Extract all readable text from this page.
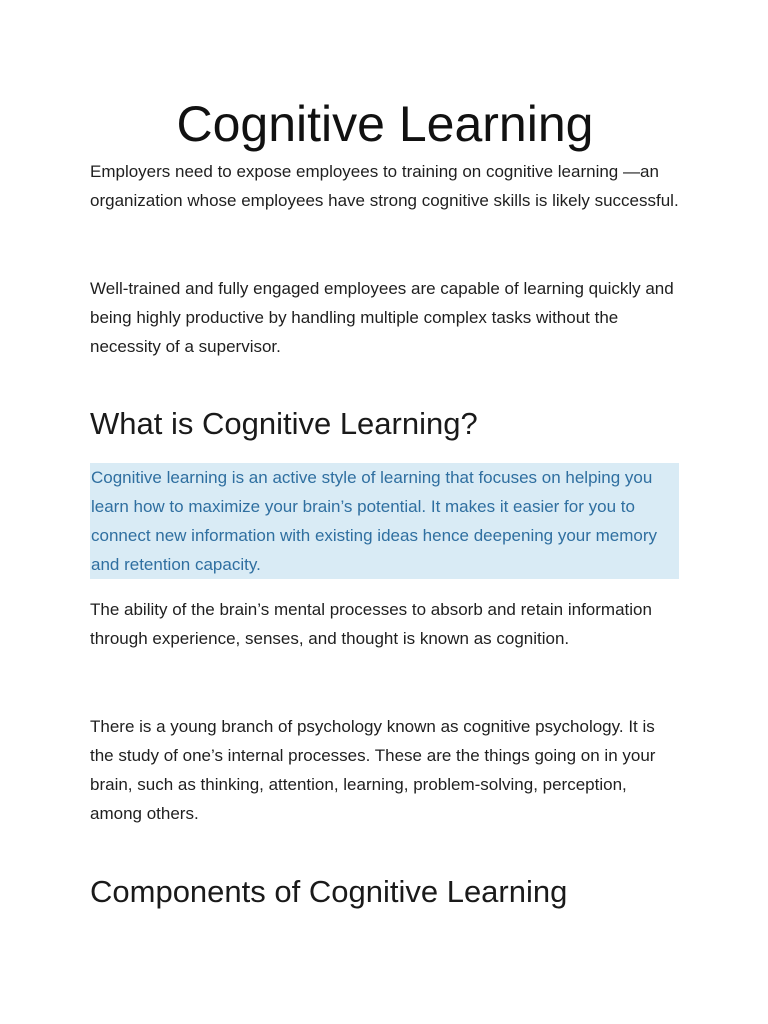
Cognitive Learning

Employers need to expose employees to training on cognitive learning —an organization whose employees have strong cognitive skills is likely successful.

Well-trained and fully engaged employees are capable of learning quickly and being highly productive by handling multiple complex tasks without the necessity of a supervisor.

What is Cognitive Learning?

Cognitive learning is an active style of learning that focuses on helping you learn how to maximize your brain’s potential. It makes it easier for you to connect new information with existing ideas hence deepening your memory and retention capacity.

The ability of the brain’s mental processes to absorb and retain information through experience, senses, and thought is known as cognition.

There is a young branch of psychology known as cognitive psychology. It is the study of one’s internal processes. These are the things going on in your brain, such as thinking, attention, learning, problem-solving, perception, among others.

Components of Cognitive Learning
